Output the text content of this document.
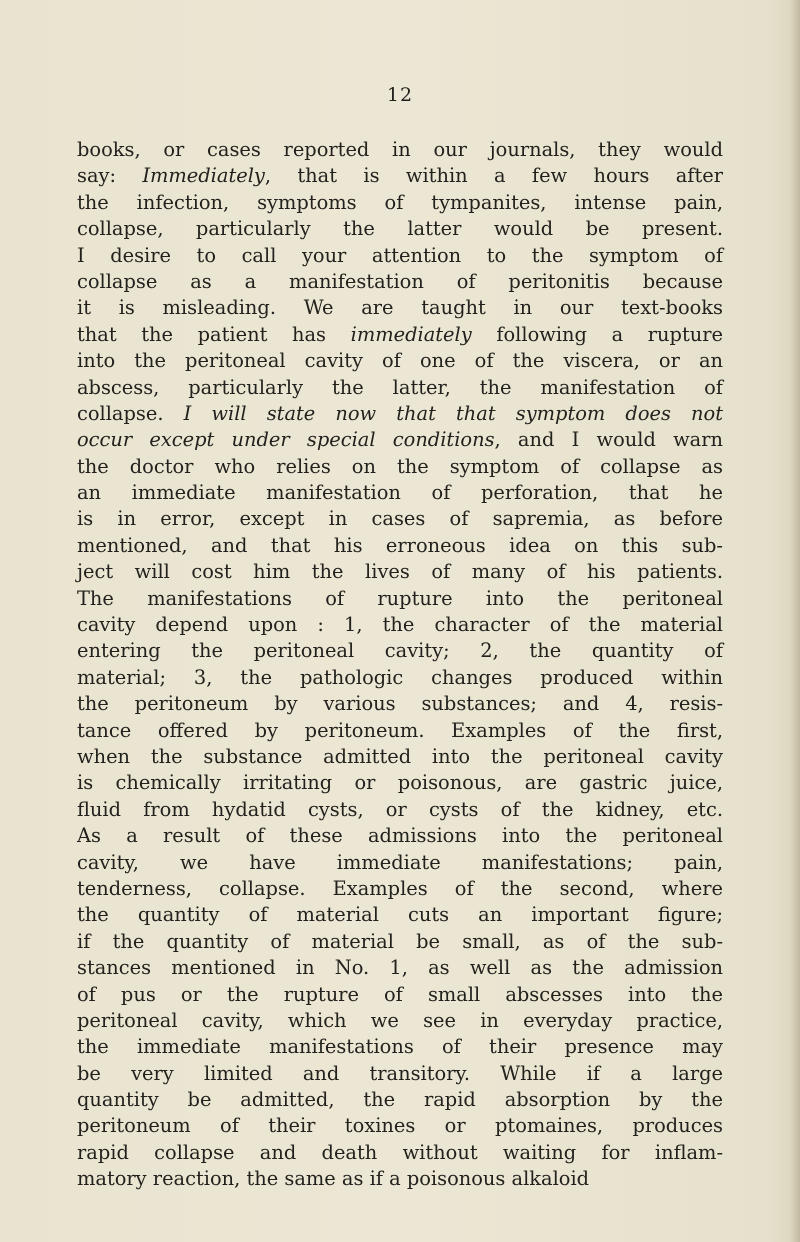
12
books, or cases reported in our journals, they would
say: Immediately, that is within a few hours after
the infection, symptoms of tympanites, intense pain,
collapse, particularly the latter would be present.
I desire to call your attention to the symptom of
collapse as a manifestation of peritonitis because
it is misleading. We are taught in our text-books
that the patient has immediately following a rupture
into the peritoneal cavity of one of the viscera, or an
abscess, particularly the latter, the manifestation of
collapse. I will state now that that symptom does not
occur except under special conditions, and I would warn
the doctor who relies on the symptom of collapse as
an immediate manifestation of perforation, that he
is in error, except in cases of sapremia, as before
mentioned, and that his erroneous idea on this sub-
ject will cost him the lives of many of his patients.
The manifestations of rupture into the peritoneal
cavity depend upon : 1, the character of the material
entering the peritoneal cavity; 2, the quantity of
material; 3, the pathologic changes produced within
the peritoneum by various substances; and 4, resis-
tance offered by peritoneum. Examples of the first,
when the substance admitted into the peritoneal cavity
is chemically irritating or poisonous, are gastric juice,
fluid from hydatid cysts, or cysts of the kidney, etc.
As a result of these admissions into the peritoneal
cavity, we have immediate manifestations; pain,
tenderness, collapse. Examples of the second, where
the quantity of material cuts an important figure;
if the quantity of material be small, as of the sub-
stances mentioned in No. 1, as well as the admission
of pus or the rupture of small abscesses into the
peritoneal cavity, which we see in everyday practice,
the immediate manifestations of their presence may
be very limited and transitory. While if a large
quantity be admitted, the rapid absorption by the
peritoneum of their toxines or ptomaines, produces
rapid collapse and death without waiting for inflam-
matory reaction, the same as if a poisonous alkaloid
